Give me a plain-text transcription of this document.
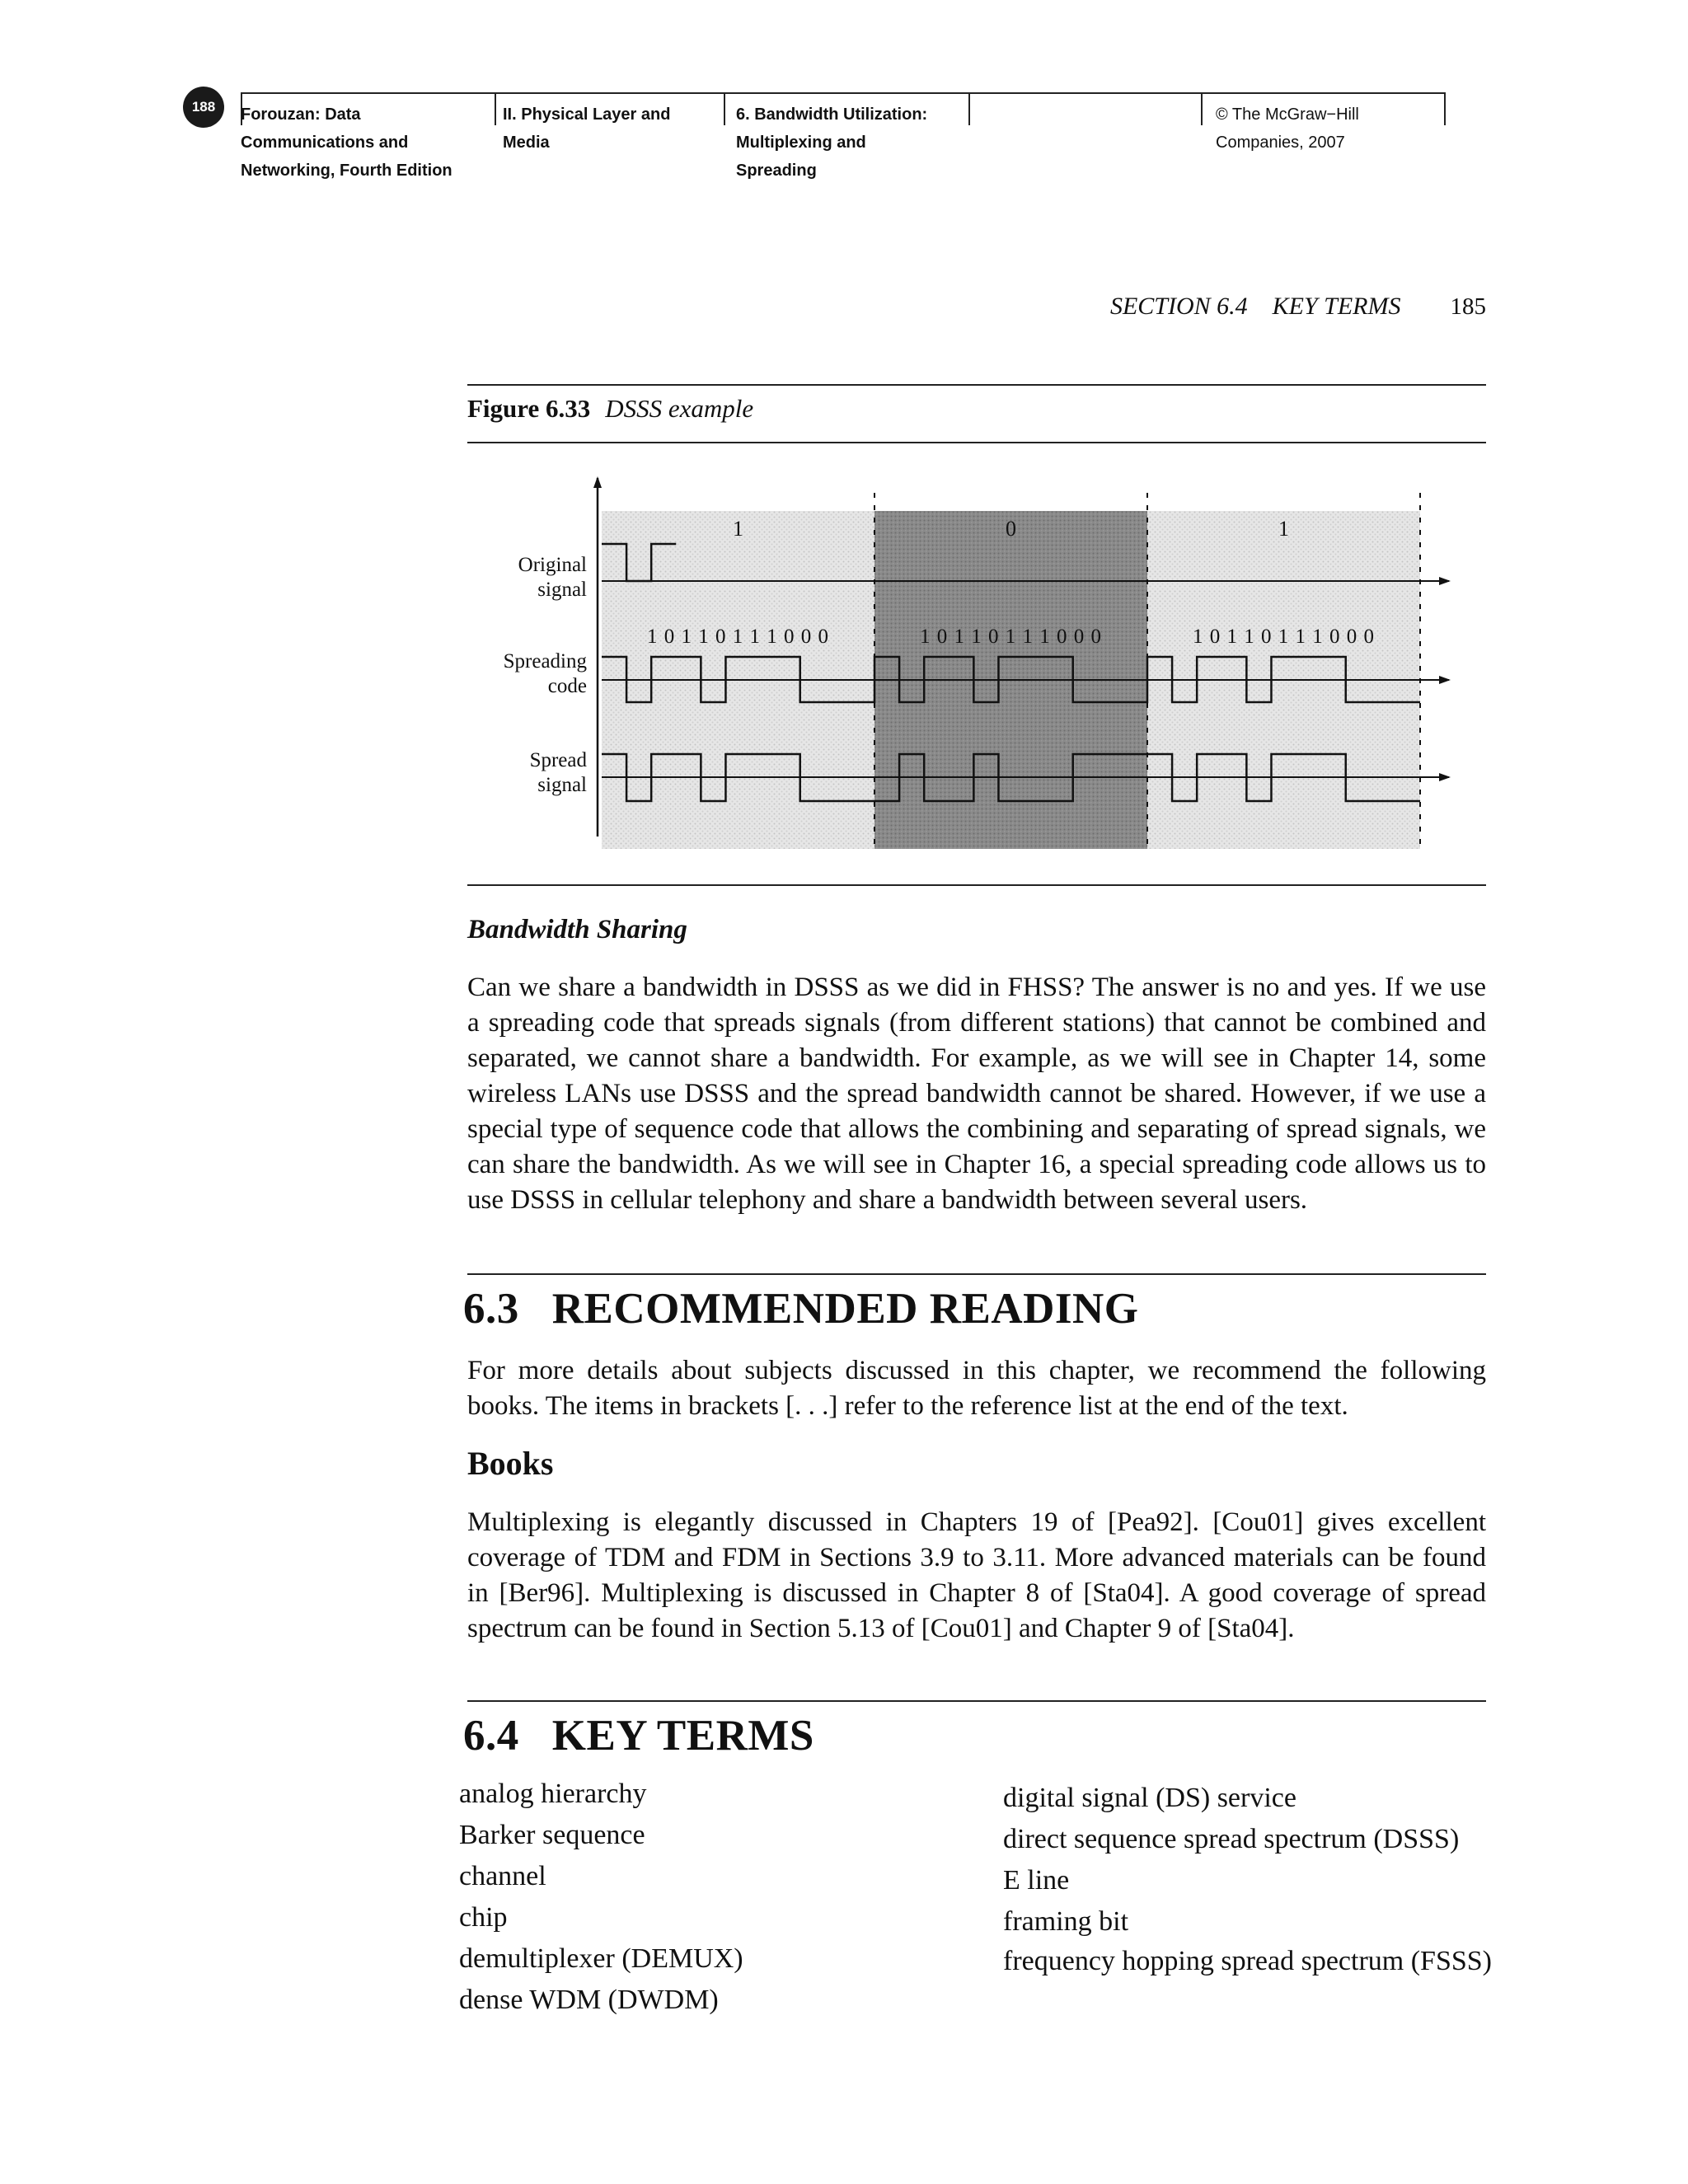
188	Forouzan: Data
Communications and
Networking, Fourth Edition
II. Physical Layer and
Media
6. Bandwidth Utilization:
Multiplexing and
Spreading
© The McGraw−Hill
Companies, 2007
SECTION 6.4    KEY TERMS 185
Figure 6.33 DSSS example
1	0	1
1 0 1 1 0 1 1 1 0 0 0	1 0 1 1 0 1 1 1 0 0 0	1 0 1 1 0 1 1 1 0 0 0
Original
signal
Spreading
code
Spread
signal
Bandwidth Sharing
Can we share a bandwidth in DSSS as we did in FHSS? The answer is no and yes. If we use a spreading code that spreads signals (from different stations) that cannot be combined and separated, we cannot share a bandwidth. For example, as we will see in Chapter 14, some wireless LANs use DSSS and the spread bandwidth cannot be shared. However, if we use a special type of sequence code that allows the combining and separating of spread signals, we can share the bandwidth. As we will see in Chapter 16, a special spreading code allows us to use DSSS in cellular telephony and share a bandwidth between several users.
6.3 RECOMMENDED READING
For more details about subjects discussed in this chapter, we recommend the following books. The items in brackets [. . .] refer to the reference list at the end of the text.
Books
Multiplexing is elegantly discussed in Chapters 19 of [Pea92]. [Cou01] gives excellent coverage of TDM and FDM in Sections 3.9 to 3.11. More advanced materials can be found in [Ber96]. Multiplexing is discussed in Chapter 8 of [Sta04]. A good coverage of spread spectrum can be found in Section 5.13 of [Cou01] and Chapter 9 of [Sta04].
6.4 KEY TERMS
analog hierarchy
Barker sequence
channel
chip
demultiplexer (DEMUX)
dense WDM (DWDM)
digital signal (DS) service
direct sequence spread spectrum (DSSS)
E line
framing bit
frequency hopping spread spectrum (FSSS)
